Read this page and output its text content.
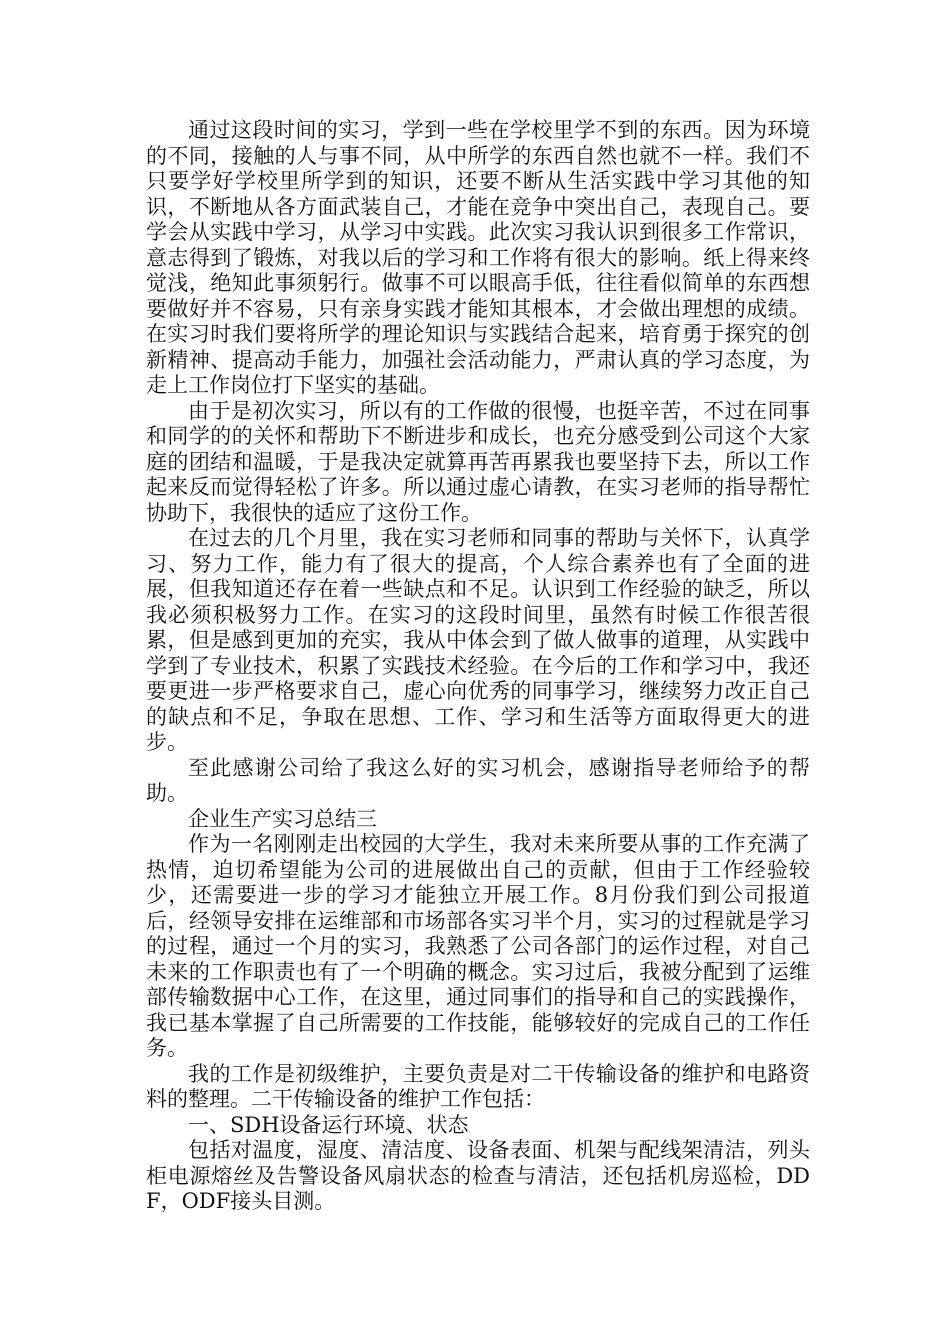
通过这段时间的实习，学到一些在学校里学不到的东西。因为环境的不同，接触的人与事不同，从中所学的东西自然也就不一样。我们不只要学好学校里所学到的知识，还要不断从生活实践中学习其他的知识，不断地从各方面武装自己，才能在竞争中突出自己，表现自己。要学会从实践中学习，从学习中实践。此次实习我认识到很多工作常识，意志得到了锻炼，对我以后的学习和工作将有很大的影响。纸上得来终觉浅，绝知此事须躬行。做事不可以眼高手低，往往看似简单的东西想要做好并不容易，只有亲身实践才能知其根本，才会做出理想的成绩。在实习时我们要将所学的理论知识与实践结合起来，培育勇于探究的创新精神、提高动手能力，加强社会活动能力，严肃认真的学习态度，为走上工作岗位打下坚实的基础。

由于是初次实习，所以有的工作做的很慢，也挺辛苦，不过在同事和同学的的关怀和帮助下不断进步和成长，也充分感受到公司这个大家庭的团结和温暖，于是我决定就算再苦再累我也要坚持下去，所以工作起来反而觉得轻松了许多。所以通过虚心请教，在实习老师的指导帮忙协助下，我很快的适应了这份工作。

在过去的几个月里，我在实习老师和同事的帮助与关怀下，认真学习、努力工作，能力有了很大的提高，个人综合素养也有了全面的进展，但我知道还存在着一些缺点和不足。认识到工作经验的缺乏，所以我必须积极努力工作。在实习的这段时间里，虽然有时候工作很苦很累，但是感到更加的充实，我从中体会到了做人做事的道理，从实践中学到了专业技术，积累了实践技术经验。在今后的工作和学习中，我还要更进一步严格要求自己，虚心向优秀的同事学习，继续努力改正自己的缺点和不足，争取在思想、工作、学习和生活等方面取得更大的进步。

至此感谢公司给了我这么好的实习机会，感谢指导老师给予的帮助。

企业生产实习总结三

作为一名刚刚走出校园的大学生，我对未来所要从事的工作充满了热情，迫切希望能为公司的进展做出自己的贡献，但由于工作经验较少，还需要进一步的学习才能独立开展工作。8月份我们到公司报道后，经领导安排在运维部和市场部各实习半个月，实习的过程就是学习的过程，通过一个月的实习，我熟悉了公司各部门的运作过程，对自己未来的工作职责也有了一个明确的概念。实习过后，我被分配到了运维部传输数据中心工作，在这里，通过同事们的指导和自己的实践操作，我已基本掌握了自己所需要的工作技能，能够较好的完成自己的工作任务。

我的工作是初级维护，主要负责是对二干传输设备的维护和电路资料的整理。二干传输设备的维护工作包括：

一、SDH设备运行环境、状态

包括对温度，湿度、清洁度、设备表面、机架与配线架清洁，列头柜电源熔丝及告警设备风扇状态的检查与清洁，还包括机房巡检，DDF，ODF接头目测。
